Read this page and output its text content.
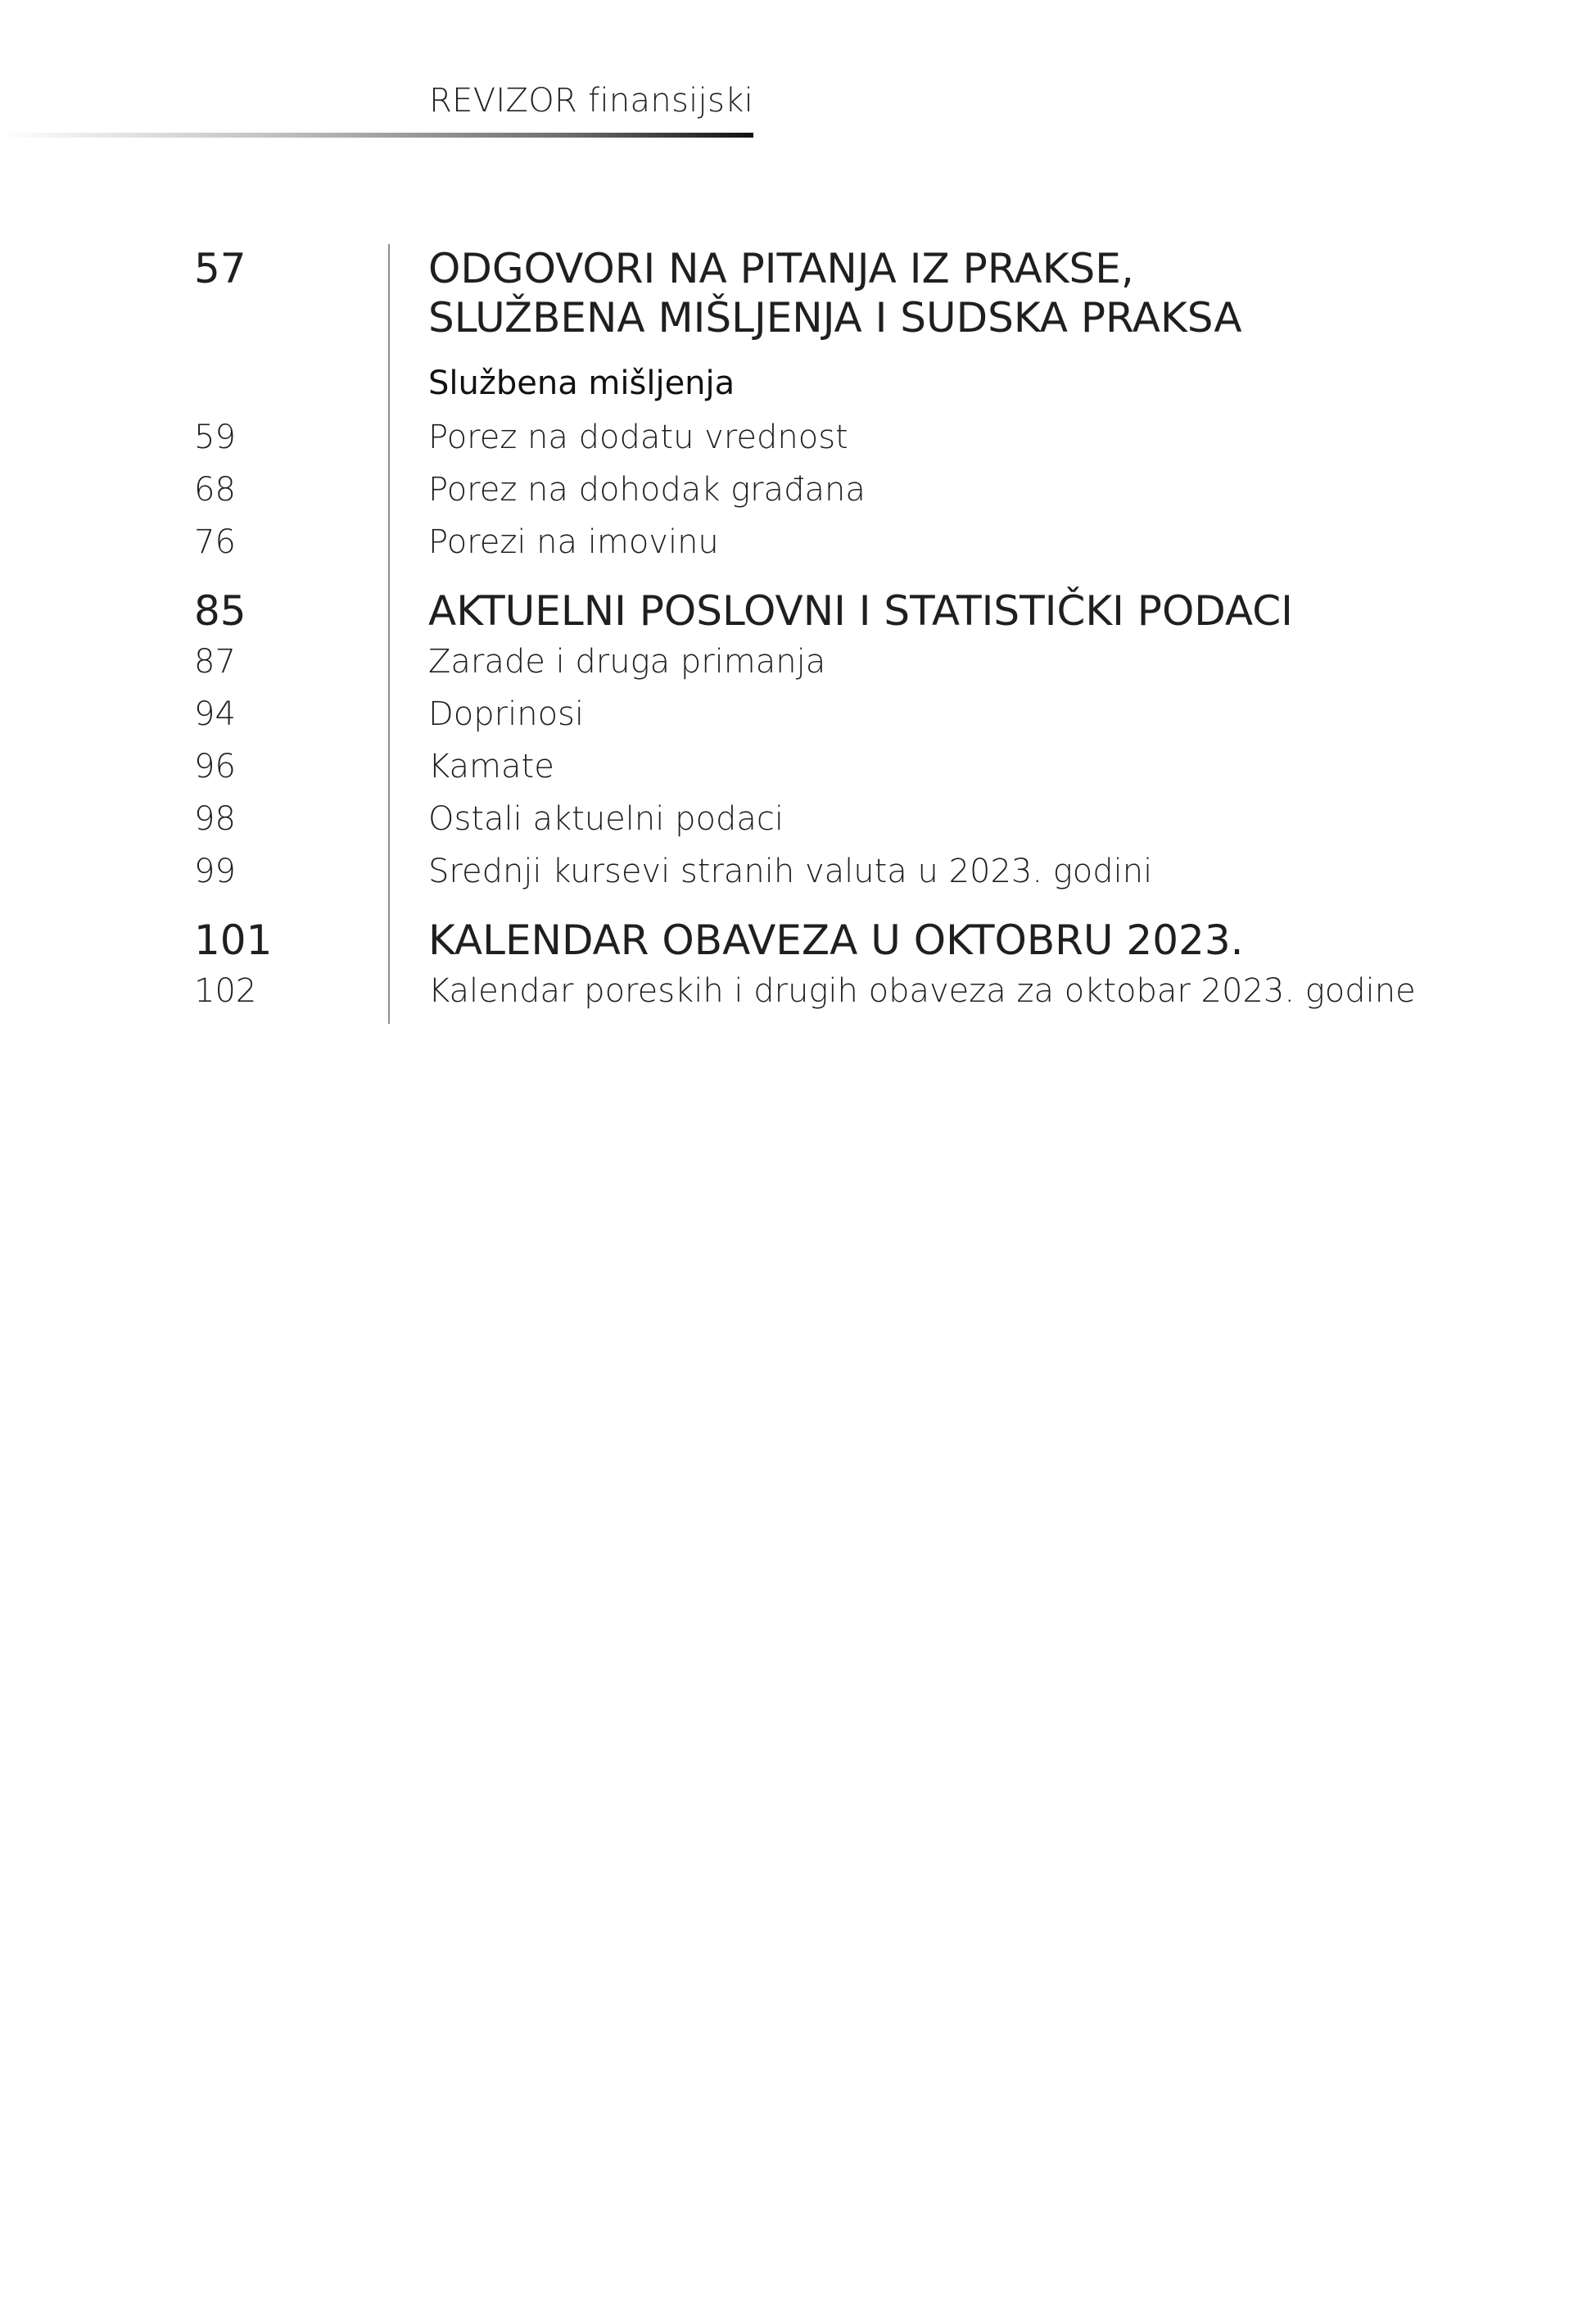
REVIZOR finansijski
57	ODGOVORI NA PITANJA IZ PRAKSE,
SLUŽBENA MIŠLJENJA I SUDSKA PRAKSA
Službena mišljenja
59	Porez na dodatu vrednost
68	Porez na dohodak građana
76	Porezi na imovinu
85	AKTUELNI POSLOVNI I STATISTIČKI PODACI
87	Zarade i druga primanja
94	Doprinosi
96	Kamate
98	Ostali aktuelni podaci
99	Srednji kursevi stranih valuta u 2023. godini
101	KALENDAR OBAVEZA U OKTOBRU 2023.
102	Kalendar poreskih i drugih obaveza za oktobar 2023. godine
